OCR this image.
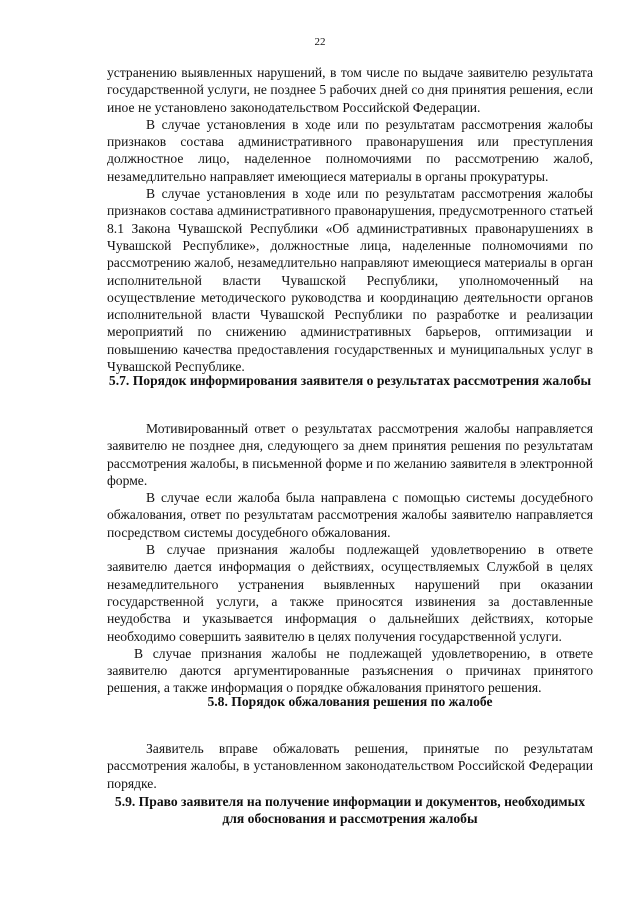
22

устранению выявленных нарушений, в том числе по выдаче заявителю результата государственной услуги, не позднее 5 рабочих дней со дня принятия решения, если иное не установлено законодательством Российской Федерации.

В случае установления в ходе или по результатам рассмотрения жалобы признаков состава административного правонарушения или преступления должностное лицо, наделенное полномочиями по рассмотрению жалоб, незамедлительно направляет имеющиеся материалы в органы прокуратуры.

В случае установления в ходе или по результатам рассмотрения жалобы признаков состава административного правонарушения, предусмотренного статьей 8.1 Закона Чувашской Республики «Об административных правонарушениях в Чувашской Республике», должностные лица, наделенные полномочиями по рассмотрению жалоб, незамедлительно направляют имеющиеся материалы в орган исполнительной власти Чувашской Республики, уполномоченный на осуществление методического руководства и координацию деятельности органов исполнительной власти Чувашской Республики по разработке и реализации мероприятий по снижению административных барьеров, оптимизации и повышению качества предоставления государственных и муниципальных услуг в Чувашской Республике.

5.7. Порядок информирования заявителя о результатах рассмотрения жалобы

Мотивированный ответ о результатах рассмотрения жалобы направляется заявителю не позднее дня, следующего за днем принятия решения по результатам рассмотрения жалобы, в письменной форме и по желанию заявителя в электронной форме.

В случае если жалоба была направлена с помощью системы досудебного обжалования, ответ по результатам рассмотрения жалобы заявителю направляется посредством системы досудебного обжалования.

В случае признания жалобы подлежащей удовлетворению в ответе заявителю дается информация о действиях, осуществляемых Службой в целях незамедлительного устранения выявленных нарушений при оказании государственной услуги, а также приносятся извинения за доставленные неудобства и указывается информация о дальнейших действиях, которые необходимо совершить заявителю в целях получения государственной услуги.

В случае признания жалобы не подлежащей удовлетворению, в ответе заявителю даются аргументированные разъяснения о причинах принятого решения, а также информация о порядке обжалования принятого решения.

5.8. Порядок обжалования решения по жалобе

Заявитель вправе обжаловать решения, принятые по результатам рассмотрения жалобы, в установленном законодательством Российской Федерации порядке.

5.9. Право заявителя на получение информации и документов, необходимых для обоснования и рассмотрения жалобы
